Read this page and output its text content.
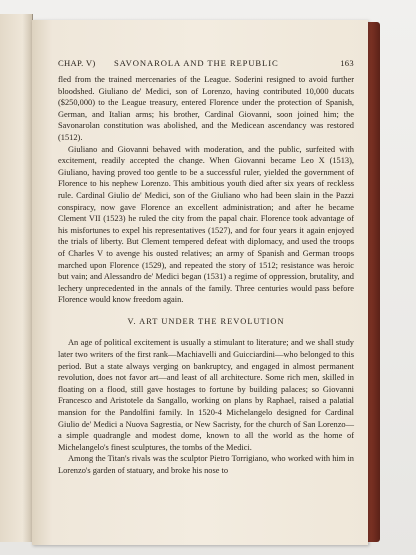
CHAP. V) SAVONAROLA AND THE REPUBLIC	163

fled from the trained mercenaries of the League. Soderini resigned to avoid further bloodshed. Giuliano de' Medici, son of Lorenzo, having contributed 10,000 ducats ($250,000) to the League treasury, entered Florence under the protection of Spanish, German, and Italian arms; his brother, Cardinal Giovanni, soon joined him; the Savonarolan constitution was abolished, and the Medicean ascendancy was restored (1512).

Giuliano and Giovanni behaved with moderation, and the public, surfeited with excitement, readily accepted the change. When Giovanni became Leo X (1513), Giuliano, having proved too gentle to be a successful ruler, yielded the government of Florence to his nephew Lorenzo. This ambitious youth died after six years of reckless rule. Cardinal Giulio de' Medici, son of the Giuliano who had been slain in the Pazzi conspiracy, now gave Florence an excellent administration; and after he became Clement VII (1523) he ruled the city from the papal chair. Florence took advantage of his misfortunes to expel his representatives (1527), and for four years it again enjoyed the trials of liberty. But Clement tempered defeat with diplomacy, and used the troops of Charles V to avenge his ousted relatives; an army of Spanish and German troops marched upon Florence (1529), and repeated the story of 1512; resistance was heroic but vain; and Alessandro de' Medici began (1531) a regime of oppression, brutality, and lechery unprecedented in the annals of the family. Three centuries would pass before Florence would know freedom again.

V. ART UNDER THE REVOLUTION

An age of political excitement is usually a stimulant to literature; and we shall study later two writers of the first rank—Machiavelli and Guicciardini—who belonged to this period. But a state always verging on bankruptcy, and engaged in almost permanent revolution, does not favor art—and least of all architecture. Some rich men, skilled in floating on a flood, still gave hostages to fortune by building palaces; so Giovanni Francesco and Aristotele da Sangallo, working on plans by Raphael, raised a palatial mansion for the Pandolfini family. In 1520-4 Michelangelo designed for Cardinal Giulio de' Medici a Nuova Sagrestia, or New Sacristy, for the church of San Lorenzo—a simple quadrangle and modest dome, known to all the world as the home of Michelangelo's finest sculptures, the tombs of the Medici.

Among the Titan's rivals was the sculptor Pietro Torrigiano, who worked with him in Lorenzo's garden of statuary, and broke his nose to
